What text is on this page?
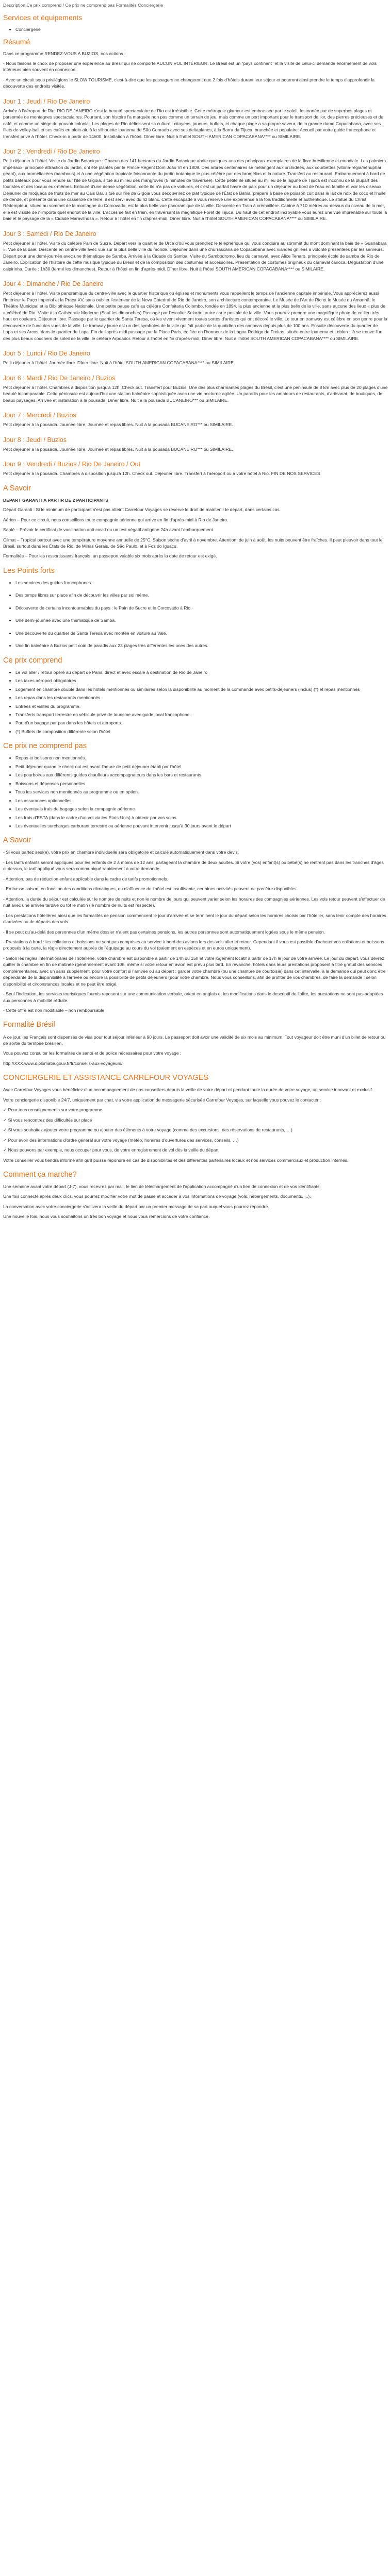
Description Ce prix comprend / Ce prix ne comprend pas Formalités Conciergerie
Services et équipements
• Conciergerie
Résumé

Dans ce programme RENDEZ-VOUS A BUZIOS, nos actions :

- Nous faisons le choix de proposer une expérience au Brésil qui ne comporte AUCUN VOL INTÉRIEUR. Le Brésil est un "pays continent" et la visite de celui-ci demande énormément de vols intérieurs bien souvent en connexion.

- Avec un circuit sous privilégions le SLOW TOURISME, c'est-à-dire que les passagers ne changeront que 2 fois d'hôtels durant leur séjour et pourront ainsi prendre le temps d'approfondir la découverte des endroits visités.

Jour 1 : Jeudi / Rio De Janeiro

Arrivée à l'aéroport de Rio. RIO DE JANEIRO c'est la beauté spectaculaire de Rio est irrésistible. Cette métropole glamour est embrassée par le soleil, festonnée par de superbes plages et parsemée de montagnes spectaculaires. Pourtant, son histoire l'a marquée non pas comme un terrain de jeu, mais comme un port important pour le transport de l'or, des pierres précieuses et du café, et comme un siège du pouvoir colonial. Les plages de Rio définissent sa culture : citoyens, joueurs, buffets, et chaque plage a sa propre saveur, de la grande dame Copacabana, avec ses filets de volley-ball et ses cafés en plein-air, à la silhouette Ipanema de São Conrado avec ses deltaplanes, à la Barra da Tijuca, branchée et populaire. Accueil par votre guide francophone et transfert privé à l'hôtel. Check-in à partir de 14h00. Installation à l'hôtel. Dîner libre. Nuit à l'hôtel SOUTH AMERICAN COPACABANA**** ou SIMILAIRE.

Jour 2 : Vendredi / Rio De Janeiro

Petit déjeuner à l'hôtel. Visite du Jardin Botanique : Chacun des 141 hectares du Jardin Botanique abrite quelques-uns des principaux exemplaires de la flore brésilienne et mondiale. Les palmiers impériaux, principale attraction du jardin, ont été plantés par le Prince-Régent Dom João VI en 1809. Des arbres centenaires se mélangent aux orchidées, aux courbettes (vitória-régia/nénuphar géant), aux broméliacées (bambous) et à une végétation tropicale foisonnante du jardin botanique le plus célèbre par des bromélias et la nature. Transfert au restaurant. Embarquement à bord de petits bateaux pour vous rendre sur l'île de Gigoia, situé au milieu des mangroves (5 minutes de traversée). Cette petite île située au milieu de la lagune de Tijuca est inconnu de la plupart des touristes et des locaux eux-mêmes. Entouré d'une dense végétation, cette île n'a pas de voitures, et c'est un parfait havre de paix pour un déjeuner au bord de l'eau en famille et voir les oiseaux. Déjeuner de moqueca de fruits de mer au Cais Bar, situé sur l'île de Gigoia vous découvrirez ce plat typique de l'État de Bahia, préparé à base de poisson cuit dans le lait de noix de coco et l'huile de dendê, et présenté dans une casserole de terre, il est servi avec du riz blanc. Cette escapade à vous réserve une expérience à la fois traditionnelle et authentique. Le statue du Christ Rédempteur, située au sommet de la montagne du Corcovado, est la plus belle vue panoramique de la ville. Descente en Train à crémaillère. Cabine à 710 mètres au-dessus du niveau de la mer, elle est visible de n'importe quel endroit de la ville. L'accès se fait en train, en traversant la magnifique Forêt de Tijuca. Du haut de cet endroit incroyable vous aurez une vue imprenable sur toute la baie et le paysage de la « Cidade Maravilhosa ». Retour à l'hôtel en fin d'après-midi. Dîner libre. Nuit à l'hôtel SOUTH AMERICAN COPACABANA**** ou SIMILAIRE.

Jour 3 : Samedi / Rio De Janeiro

Petit déjeuner à l'hôtel. Visite du célèbre Pain de Sucre. Départ vers le quartier de Urca d'où vous prendrez le téléphérique qui vous conduira au sommet du mont dominant la baie de « Guanabara ». Vue de la baie. Descente en centre-ville avec vue sur la plus belle ville du monde. Déjeuner dans une churrascaria de Copacabana avec viandes grillées à volonté présentées par les serveurs. Départ pour une demi-journée avec une thématique de Samba. Arrivée à la Cidade do Samba. Visite du Sambódromo, lieu du carnaval, avec Alice Tenaro, principale école de samba de Rio de Janeiro. Explication de l'histoire de cette musique typique du Brésil et de la composition des costumes et accessoires. Présentation de costumes originaux du carnaval carioca. Dégustation d'une caipirinha. Durée : 1h30 (fermé les dimanches). Retour à l'hôtel en fin d'après-midi. Dîner libre. Nuit à l'hôtel SOUTH AMERICAN COPACABANA**** ou SIMILAIRE.

Jour 4 : Dimanche / Rio De Janeiro

Petit déjeuner à l'hôtel. Visite panoramique du centre-ville avec le quartier historique où églises et monuments vous rappellent le temps de l'ancienne capitale impériale. Vous apprécierez aussi l'intérieur le Paço Imperial et la Praça XV, sans oublier l'extérieur de la Nova Catedral de Rio de Janeiro, son architecture contemporaine. Le Musée de l'Art de Rio et le Musée du Amanhã, le Théâtre Municipal et la Bibliothèque Nationale. Une petite pause café au célèbre Confeitaria Colombo, fondée en 1894, la plus ancienne et la plus belle de la ville, sans aucune des lieux « plus de » célébré de Rio. Visite à la Cathédrale Moderne (Sauf les dimanches) Passage par l'escalier Selarón, autre carte postale de la ville. Vous pourrez prendre une magnifique photo de ce lieu très haut en couleurs. Déjeuner libre. Passage par le quartier de Santa Teresa, où les vivent vivement toutes sortes d'artistes qui ont décoré le ville. Le tour en tramway est célèbre en son genre pour la découverte de l'une des vues de la ville. Le tramway jaune est un des symboles de la ville qui fait partie de la quotidien des cariocas depuis plus de 100 ans. Ensuite découverte du quartier de Lapa et ses Arcos, dans le quartier de Lapa. Fin de l'après-midi passage par la Place Paris, édifiée en l'honneur de la Lagoa Rodrigo de Freitas, située entre Ipanema et Leblon : là se trouve l'un des plus beaux couchers de soleil de la ville, le célèbre Arpoador. Retour à l'hôtel en fin d'après-midi. Dîner libre. Nuit à l'hôtel SOUTH AMERICAN COPACABANA**** ou SIMILAIRE.

Jour 5 : Lundi / Rio De Janeiro

Petit déjeuner à l'hôtel. Journée libre. Dîner libre. Nuit à l'hôtel SOUTH AMERICAN COPACABANA**** ou SIMILAIRE.

Jour 6 : Mardi / Rio De Janeiro / Buzios

Petit déjeuner à l'hôtel. Chambres à disposition jusqu'à 12h. Check out. Transfert pour Buzios. Une des plus charmantes plages du Brésil, c'est une péninsule de 8 km avec plus de 20 plages d'une beauté incomparable. Cette péninsule est aujourd'hui une station balnéaire sophistiquée avec une vie nocturne agitée. Un paradis pour les amateurs de restaurants, d'artisanat, de boutiques, de beaux paysages. Arrivée et installation à la pousada. Dîner libre. Nuit à la pousada BUCANEIRO*** ou SIMILAIRE.

Jour 7 : Mercredi / Buzios

Petit déjeuner à la pousada. Journée libre. Journée et repas libres. Nuit à la pousada BUCANEIRO*** ou SIMILAIRE.

Jour 8 : Jeudi / Buzios

Petit déjeuner à la pousada. Journée libre. Journée et repas libres. Nuit à la pousada BUCANEIRO*** ou SIMILAIRE.

Jour 9 : Vendredi / Buzios / Rio De Janeiro / Out

Petit déjeuner à la pousada. Chambres à disposition jusqu'à 12h. Check out. Déjeuner libre. Transfert à l'aéroport ou à votre hôtel à Rio. FIN DE NOS SERVICES

A Savoir

DEPART GARANTI A PARTIR DE 2 PARTICIPANTS

Départ Garanti : Si le minimum de participant n'est pas atteint Carrefour Voyages se réserve le droit de maintenir le départ, dans certains cas.

Aérien – Pour ce circuit, nous conseillons toute compagnie aérienne qui arrive en fin d'après-midi à Rio de Janeiro.

Santé – Prévoir le certificat de vaccination anti-covid ou un test négatif antigène 24h avant l'embarquement.

Climat – Tropical partout avec une température moyenne annuelle de 25°C. Saison sèche d'avril à novembre. Attention, de juin à août, les nuits peuvent être fraîches. Il peut pleuvoir dans tout le Brésil, surtout dans les États de Rio, de Minas Gerais, de São Paulo, et à Foz do Iguaçu.

Formalités – Pour les ressortissants français, un passeport valable six mois après la date de retour est exigé.

Les Points forts
• Les services des guides francophones.
• Des temps libres sur place afin de découvrir les villes par soi même.
• Découverte de certains incontournables du pays : le Pain de Sucre et le Corcovado à Rio.
• Une demi-journée avec une thématique de Samba.
• Une découverte du quartier de Santa Teresa avec montée en voiture au Vale.
• Une fin balnéaire à Buzios petit coin de paradis aux 23 plages très différentes les unes des autres.
Ce prix comprend
• Le vol aller / retour opéré au départ de Paris, direct et avec escale à destination de Rio de Janeiro
• Les taxes aéroport obligatoires
• Logement en chambre double dans les hôtels mentionnés ou similaires selon la disponibilité au moment de la commande avec petits-déjeuners (inclus) (*) et repas mentionnés
• Les repas dans les restaurants mentionnés
• Entrées et visites du programme.
• Transferts transport terrestre en véhicule privé de tourisme avec guide local francophone.
• Port d'un bagage par pax dans les hôtels et aéroports.
• (*) Buffets de composition différente selon l'hôtel
Ce prix ne comprend pas
• Repas et boissons non mentionnés.
• Petit déjeuner quand le check out est avant l'heure de petit déjeuner établi par l'hôtel
• Les pourboires aux différents guides chauffeurs accompagnateurs dans les bars et restaurants
• Boissons et dépenses personnelles.
• Tous les services non mentionnés au programme ou en option.
• Les assurances optionnelles
• Les éventuels frais de bagages selon la compagnie aérienne
• Les frais d'ESTA (dans le cadre d'un vol via les États-Unis) à obtenir par vos soins.
• Les éventuelles surcharges carburant terrestre ou aérienne pouvant intervenir jusqu'à 30 jours avant le départ
A Savoir

- Si vous partez seul(e), votre prix en chambre individuelle sera obligatoire et calculé automatiquement dans votre devis.

- Les tarifs enfants seront appliqués pour les enfants de 2 à moins de 12 ans, partageant la chambre de deux adultes. Si votre (vos) enfant(s) ou bébé(s) ne rentrent pas dans les tranches d'âges ci-dessus, le tarif appliqué vous sera communiqué rapidement à votre demande.

- Attention, pas de réduction enfant applicable dans le cadre de tarifs promotionnels.

- En basse saison, en fonction des conditions climatiques, ou d'affluence de l'hôtel est insuffisante, certaines activités peuvent ne pas être disponibles.

- Attention, la durée du séjour est calculée sur le nombre de nuits et non le nombre de jours qui peuvent varier selon les horaires des compagnies aériennes. Les vols retour peuvent s'effectuer de nuit avec une arrivée tardive ou tôt le matin (le nombre de nuits est respecté).

- Les prestations hôtelières ainsi que les formalités de pension commencent le jour d'arrivée et se terminent le jour du départ selon les horaires choisis par l'hôtelier, sans tenir compte des horaires d'arrivées ou de départs des vols.

- Il se peut qu'au-delà des personnes d'un même dossier n'aient pas certaines pensions, les autres personnes sont automatiquement logées sous le même pension.

- Prestations à bord : les collations et boissons ne sont pas comprises au service à bord des avions lors des vols aller et retour. Cependant il vous est possible d'acheter vos collations et boissons proposés à la carte, la règle directement auprès de l'équipage au cours du vol (paiement en espèces et en euros uniquement).

- Selon les règles internationales de l'hôtellerie, votre chambre est disponible à partir de 14h ou 15h et votre logement locatif à partir de 17h le jour de votre arrivée. Le jour du départ, vous devrez quitter la chambre en fin de matinée (généralement avant 10h, même si votre retour en avion est prévu plus tard. En revanche, hôtels dans leurs prestations proposent à titre gratuit des services complémentaires, avec un sans supplément, pour votre confort si l'arrivée ou au départ : garder votre chambre (ou une chambre de courtoisie) dans cet intervalle, à la demande qui peut donc être dépendante de la disponibilité à l'arrivée ou encore la possibilité de petits déjeuners (pour votre chambre. Nous vous conseillons, afin de profiter de vos chambres, de faire la demande : selon disponibilité et circonstances locales et ne peut être exigé.

- Seul l'indication, les services touristiques fournis reposent sur une communication verbale, orient en anglais et les modifications dans le descriptif de l'offre, les prestations ne sont pas adaptées aux personnes à mobilité réduite.

- Cette offre est non modifiable – non remboursable

Formalité Brésil

A ce jour, les Français sont dispensés de visa pour tout séjour inférieur à 90 jours. Le passeport doit avoir une validité de six mois au minimum. Tout voyageur doit être muni d'un billet de retour ou de sortie du territoire brésilien.

Vous pouvez consulter les formalités de santé et de police nécessaires pour votre voyage :

http://XXX.www.diplomatie.gouv.fr/fr/conseils-aux-voyageurs/

CONCIERGERIE ET ASSISTANCE CARREFOUR VOYAGES

Avec Carrefour Voyages vous bénéficiez d'un accompagnement de nos conseillers depuis la veille de votre départ et pendant toute la durée de votre voyage, un service innovant et exclusif.

Votre conciergerie disponible 24/7, uniquement par chat, via votre application de messagerie sécurisée Carrefour Voyages, sur laquelle vous pouvez le contacter :

✓ Pour tous renseignements sur votre programme

✓ Si vous rencontrez des difficultés sur place

✓ Si vous souhaitez ajouter votre programme ou ajouter des éléments à votre voyage (comme des excursions, des réservations de restaurants, …)

✓ Pour avoir des informations d'ordre général sur votre voyage (météo, horaires d'ouvertures des services, conseils, …)

✓ Nous pouvons par exemple, nous occuper pour vous, de votre enregistrement de vol dès la veille du départ

Votre conseiller vous tiendra informé afin qu'il puisse répondre en cas de disponibilités et des différentes partenaires locaux et nos services commerciaux et production internes.

Comment ça marche?

Une semaine avant votre départ (J-7), vous recevrez par mail, le lien de téléchargement de l'application accompagné d'un lien de connexion et de vos identifiants.

Une fois connecté après deux clics, vous pourrez modifier votre mot de passe et accéder à vos informations de voyage (vols, hébergements, documents, ...).

La conversation avec votre conciergerie s'activera la veille du départ par un premier message de sa part auquel vous pourrez répondre.

Une nouvelle fois, nous vous souhaitons un très bon voyage et nous vous remercions de votre confiance.
